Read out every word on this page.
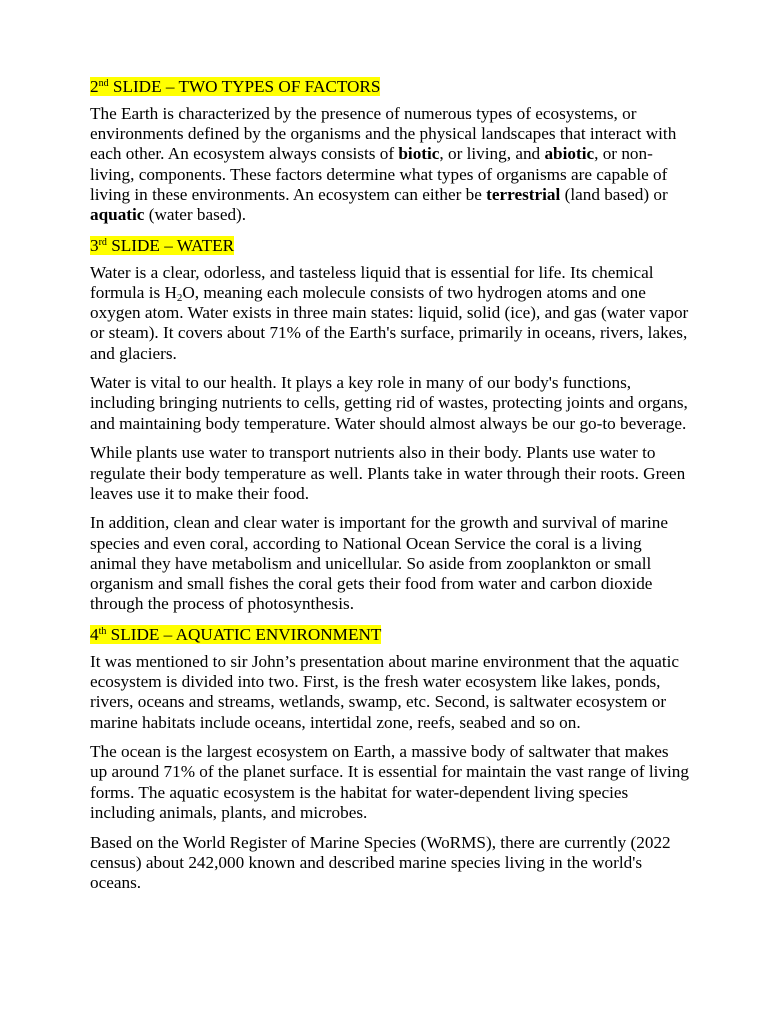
2nd SLIDE – TWO TYPES OF FACTORS

The Earth is characterized by the presence of numerous types of ecosystems, or environments defined by the organisms and the physical landscapes that interact with each other. An ecosystem always consists of biotic, or living, and abiotic, or non-living, components. These factors determine what types of organisms are capable of living in these environments. An ecosystem can either be terrestrial (land based) or aquatic (water based).

3rd SLIDE – WATER

Water is a clear, odorless, and tasteless liquid that is essential for life. Its chemical formula is $H_2O$, meaning each molecule consists of two hydrogen atoms and one oxygen atom. Water exists in three main states: liquid, solid (ice), and gas (water vapor or steam). It covers about 71% of the Earth's surface, primarily in oceans, rivers, lakes, and glaciers.

Water is vital to our health. It plays a key role in many of our body's functions, including bringing nutrients to cells, getting rid of wastes, protecting joints and organs, and maintaining body temperature. Water should almost always be our go-to beverage.

While plants use water to transport nutrients also in their body. Plants use water to regulate their body temperature as well. Plants take in water through their roots. Green leaves use it to make their food.

In addition, clean and clear water is important for the growth and survival of marine species and even coral, according to National Ocean Service the coral is a living animal they have metabolism and unicellular. So aside from zooplankton or small organism and small fishes the coral gets their food from water and carbon dioxide through the process of photosynthesis.

4th SLIDE – AQUATIC ENVIRONMENT

It was mentioned to sir John’s presentation about marine environment that the aquatic ecosystem is divided into two. First, is the fresh water ecosystem like lakes, ponds, rivers, oceans and streams, wetlands, swamp, etc. Second, is saltwater ecosystem or marine habitats include oceans, intertidal zone, reefs, seabed and so on.

The ocean is the largest ecosystem on Earth, a massive body of saltwater that makes up around 71% of the planet surface. It is essential for maintain the vast range of living forms. The aquatic ecosystem is the habitat for water-dependent living species including animals, plants, and microbes.

Based on the World Register of Marine Species (WoRMS), there are currently (2022 census) about 242,000 known and described marine species living in the world's oceans.
